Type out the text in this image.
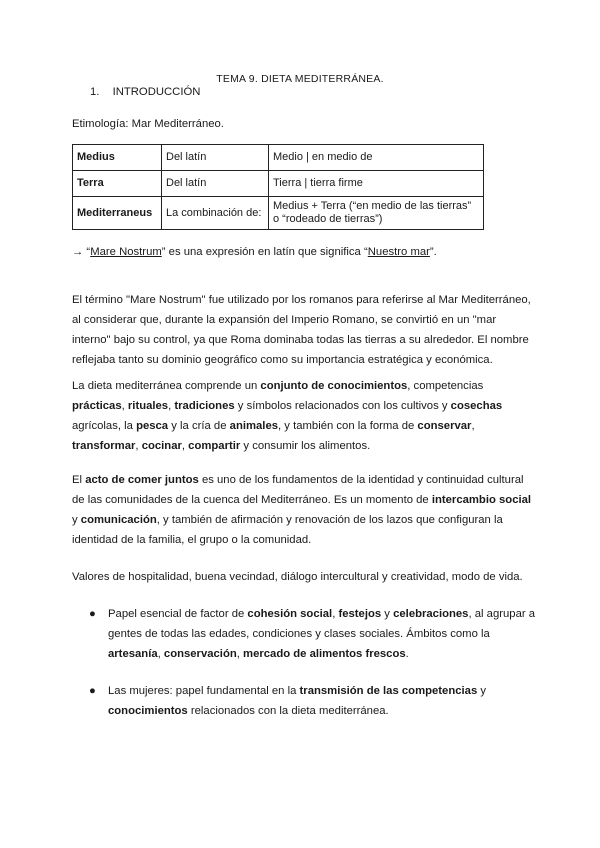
TEMA 9. DIETA MEDITERRÁNEA.
1. INTRODUCCIÓN
Etimología: Mar Mediterráneo.
Medius	Del latín	Medio | en medio de
Terra	Del latín	Tierra | tierra firme
Mediterraneus	La combinación de:	Medius + Terra (“en medio de las tierras”
o “rodeado de tierras”)
→ “Mare Nostrum” es una expresión en latín que significa “Nuestro mar”.
El término "Mare Nostrum" fue utilizado por los romanos para referirse al Mar Mediterráneo, al considerar que, durante la expansión del Imperio Romano, se convirtió en un "mar interno" bajo su control, ya que Roma dominaba todas las tierras a su alrededor. El nombre reflejaba tanto su dominio geográfico como su importancia estratégica y económica.
La dieta mediterránea comprende un conjunto de conocimientos, competencias prácticas, rituales, tradiciones y símbolos relacionados con los cultivos y cosechas agrícolas, la pesca y la cría de animales, y también con la forma de conservar, transformar, cocinar, compartir y consumir los alimentos.
El acto de comer juntos es uno de los fundamentos de la identidad y continuidad cultural de las comunidades de la cuenca del Mediterráneo. Es un momento de intercambio social y comunicación, y también de afirmación y renovación de los lazos que configuran la identidad de la familia, el grupo o la comunidad.
Valores de hospitalidad, buena vecindad, diálogo intercultural y creatividad, modo de vida.
● Papel esencial de factor de cohesión social, festejos y celebraciones, al agrupar a gentes de todas las edades, condiciones y clases sociales. Ámbitos como la artesanía, conservación, mercado de alimentos frescos.
● Las mujeres: papel fundamental en la transmisión de las competencias y conocimientos relacionados con la dieta mediterránea.
